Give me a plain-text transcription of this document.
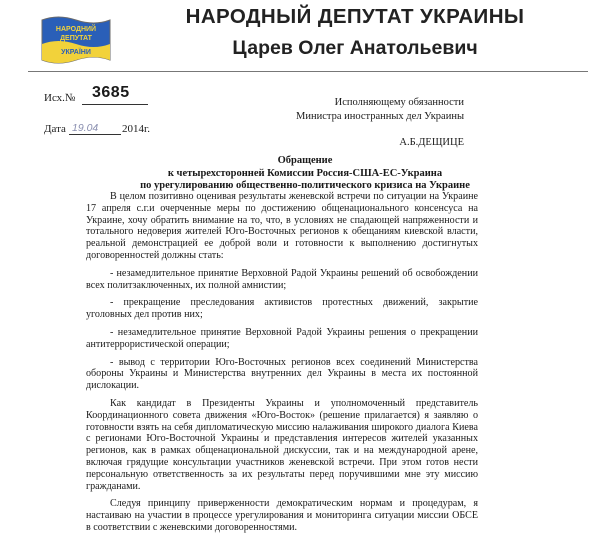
НАРОДНИЙ
ДЕПУТАТ
УКРАЇНИ
НАРОДНЫЙ ДЕПУТАТ УКРАИНЫ
Царев Олег Анатольевич
Исх.№ 3685
Дата 19.04 2014г.
Исполняющему обязанности
Министра иностранных дел Украины
А.Б.ДЕЩИЦЕ
Обращение
к четырехсторонней Комиссии Россия-США-ЕС-Украина
по урегулированию общественно-политического кризиса на Украине

В целом позитивно оценивая результаты женевской встречи по ситуации на Украине 17 апреля с.г.и очерченные меры по достижению общенационального консенсуса на Украине, хочу обратить внимание на то, что, в условиях не спадающей напряженности и тотального недоверия жителей Юго-Восточных регионов к обещаниям киевской власти, реальной демонстрацией ее доброй воли и готовности к выполнению достигнутых договоренностей должны стать:

- незамедлительное принятие Верховной Радой Украины решений об освобождении всех политзаключенных, их полной амнистии;

- прекращение преследования активистов протестных движений, закрытие уголовных дел против них;

- незамедлительное принятие Верховной Радой Украины решения о прекращении антитеррористической операции;

- вывод с территории Юго-Восточных регионов всех соединений Министерства обороны Украины и Министерства внутренних дел Украины в места их постоянной дислокации.

Как кандидат в Президенты Украины и уполномоченный представитель Координационного совета движения «Юго-Восток» (решение прилагается) я заявляю о готовности взять на себя дипломатическую миссию налаживания широкого диалога Киева с регионами Юго-Восточной Украины и представления интересов жителей указанных регионов, как в рамках общенациональной дискуссии, так и на международной арене, включая грядущие консультации участников женевской встречи. При этом готов нести персональную ответственность за их результаты перед поручившими мне эту миссию гражданами.

Следуя принципу приверженности демократическим нормам и процедурам, я настаиваю на участии в процессе урегулирования и мониторинга ситуации миссии ОБСЕ в соответствии с женевскими договоренностями.
